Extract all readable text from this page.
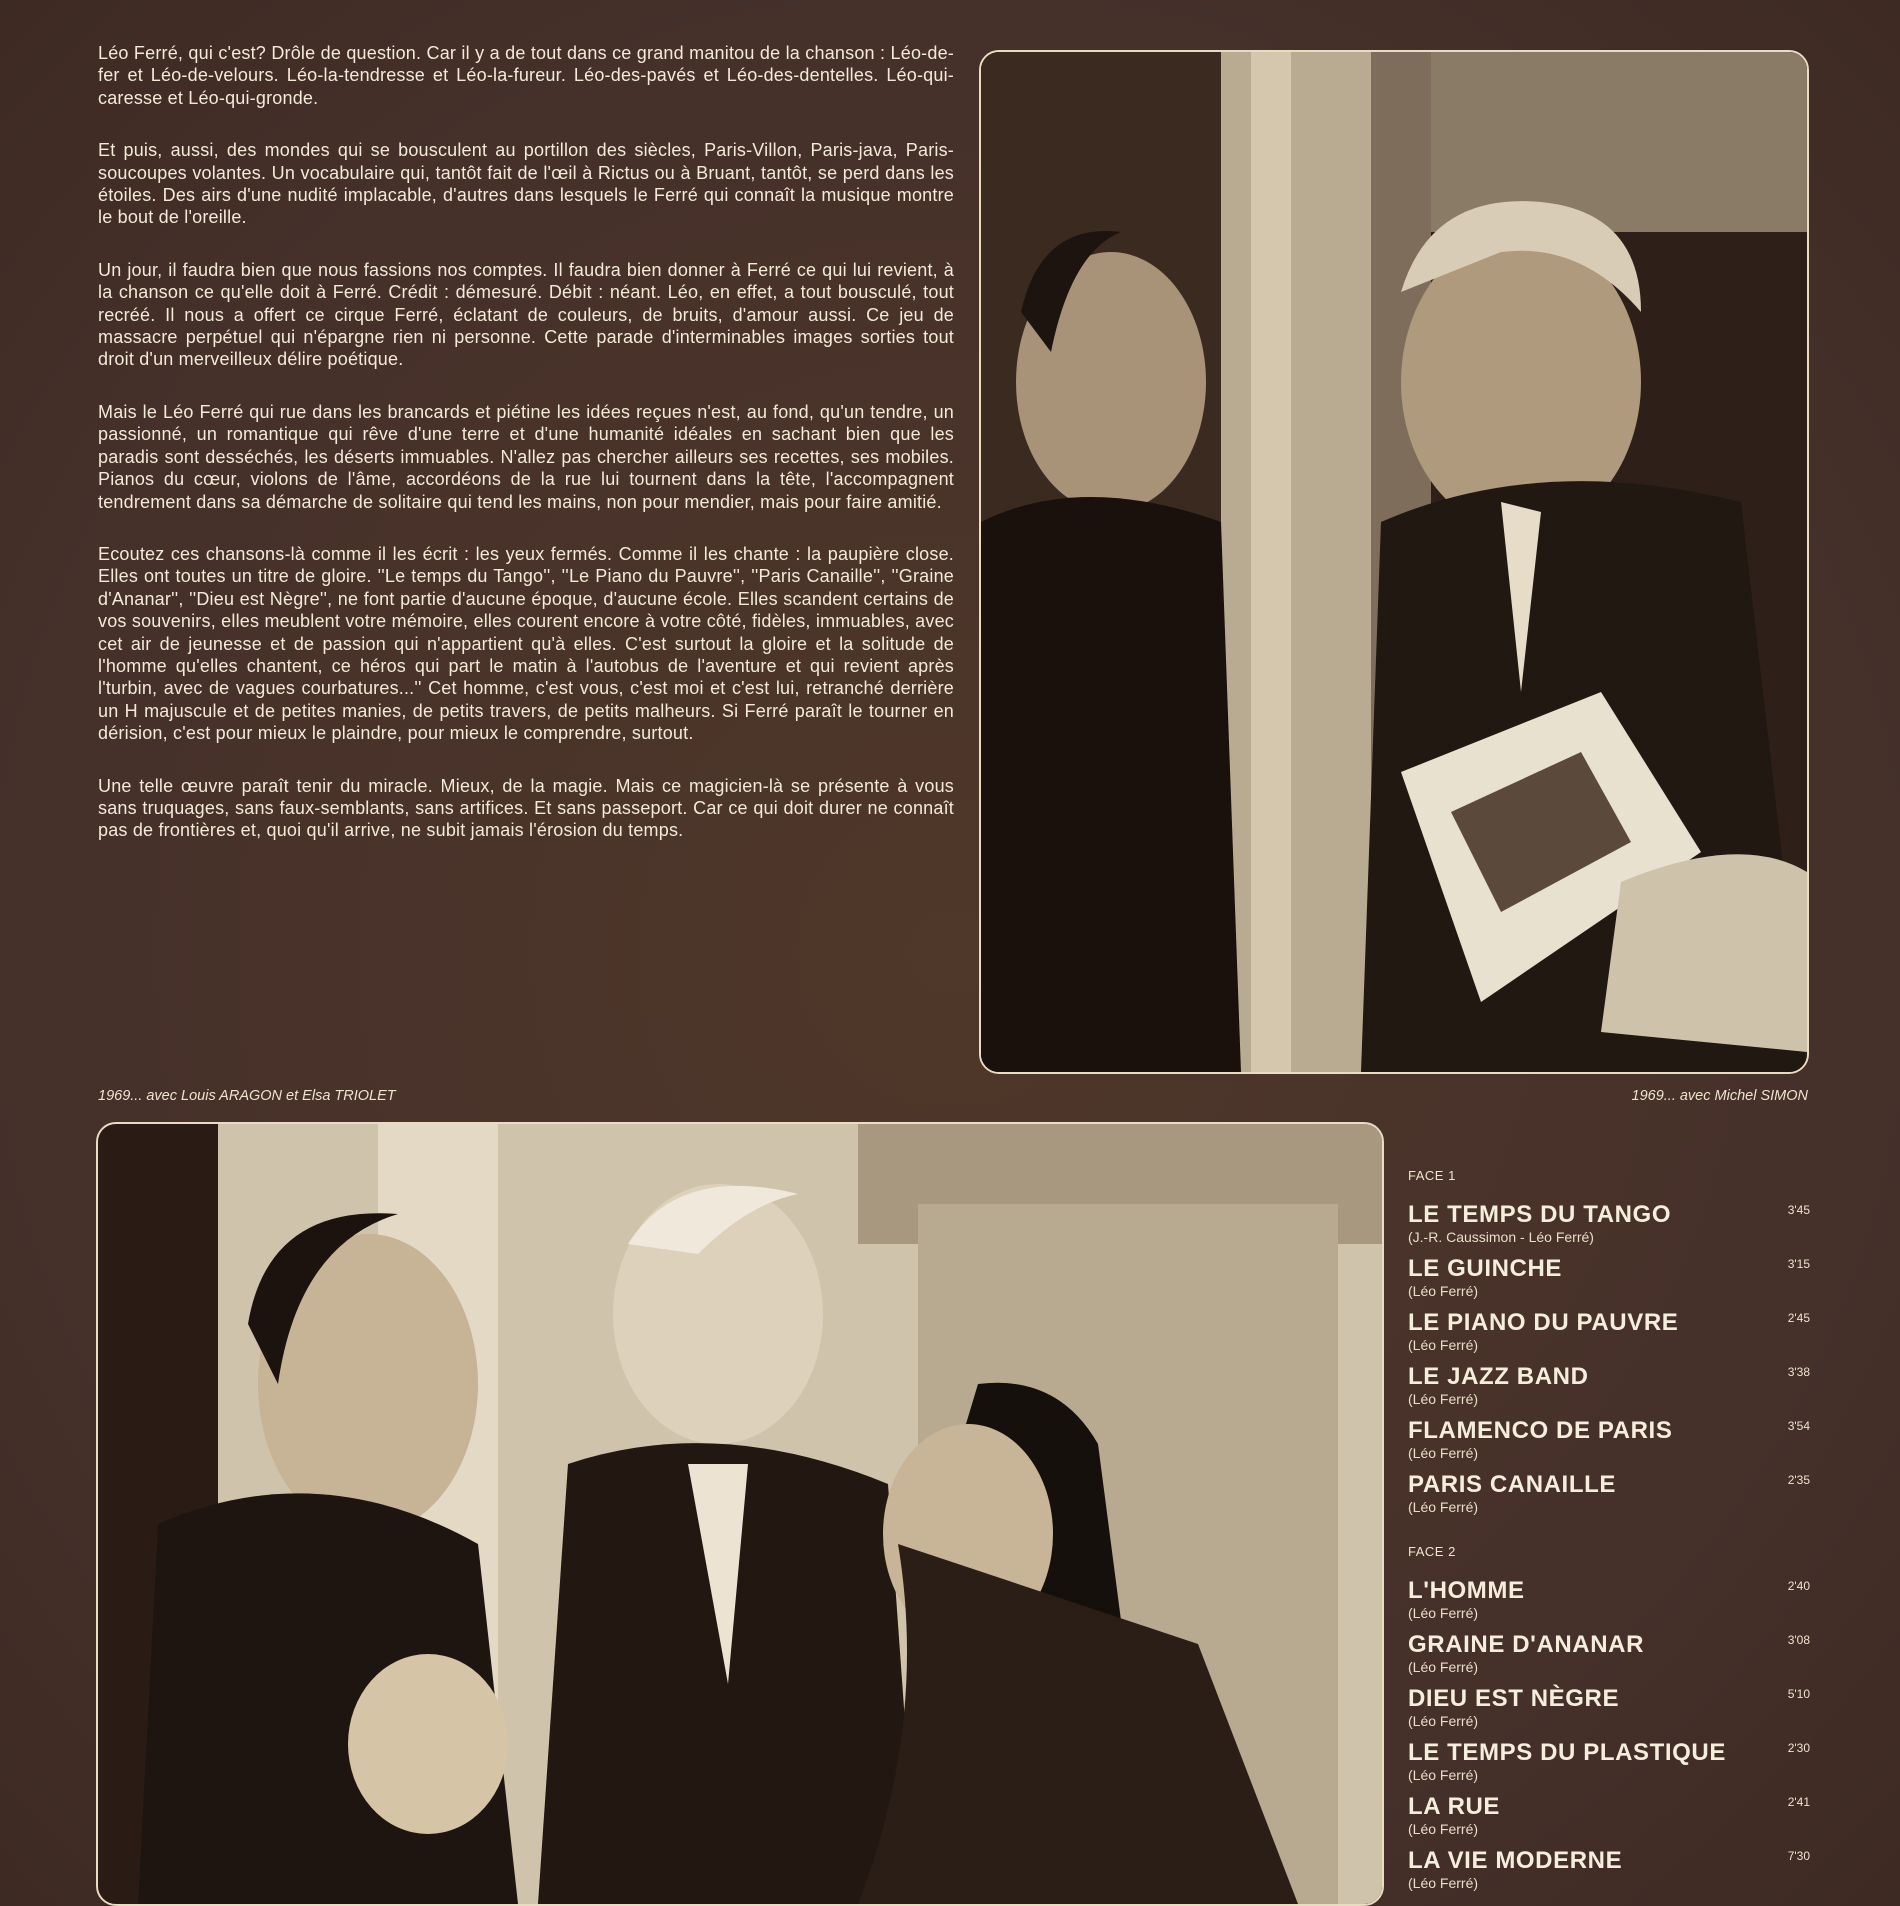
Léo Ferré, qui c'est? Drôle de question. Car il y a de tout dans ce grand manitou de la chanson : Léo-de-fer et Léo-de-velours. Léo-la-tendresse et Léo-la-fureur. Léo-des-pavés et Léo-des-dentelles. Léo-qui-caresse et Léo-qui-gronde.

Et puis, aussi, des mondes qui se bousculent au portillon des siècles, Paris-Villon, Paris-java, Paris-soucoupes volantes. Un vocabulaire qui, tantôt fait de l'œil à Rictus ou à Bruant, tantôt, se perd dans les étoiles. Des airs d'une nudité implacable, d'autres dans lesquels le Ferré qui connaît la musique montre le bout de l'oreille.

Un jour, il faudra bien que nous fassions nos comptes. Il faudra bien donner à Ferré ce qui lui revient, à la chanson ce qu'elle doit à Ferré. Crédit : démesuré. Débit : néant. Léo, en effet, a tout bousculé, tout recréé. Il nous a offert ce cirque Ferré, éclatant de couleurs, de bruits, d'amour aussi. Ce jeu de massacre perpétuel qui n'épargne rien ni personne. Cette parade d'interminables images sorties tout droit d'un merveilleux délire poétique.

Mais le Léo Ferré qui rue dans les brancards et piétine les idées reçues n'est, au fond, qu'un tendre, un passionné, un romantique qui rêve d'une terre et d'une humanité idéales en sachant bien que les paradis sont desséchés, les déserts immuables. N'allez pas chercher ailleurs ses recettes, ses mobiles. Pianos du cœur, violons de l'âme, accordéons de la rue lui tournent dans la tête, l'accompagnent tendrement dans sa démarche de solitaire qui tend les mains, non pour mendier, mais pour faire amitié.

Ecoutez ces chansons-là comme il les écrit : les yeux fermés. Comme il les chante : la paupière close. Elles ont toutes un titre de gloire. ''Le temps du Tango'', ''Le Piano du Pauvre'', ''Paris Canaille'', ''Graine d'Ananar'', ''Dieu est Nègre'', ne font partie d'aucune époque, d'aucune école. Elles scandent certains de vos souvenirs, elles meublent votre mémoire, elles courent encore à votre côté, fidèles, immuables, avec cet air de jeunesse et de passion qui n'appartient qu'à elles. C'est surtout la gloire et la solitude de l'homme qu'elles chantent, ce héros qui part le matin à l'autobus de l'aventure et qui revient après l'turbin, avec de vagues courbatures...'' Cet homme, c'est vous, c'est moi et c'est lui, retranché derrière un H majuscule et de petites manies, de petits travers, de petits malheurs. Si Ferré paraît le tourner en dérision, c'est pour mieux le plaindre, pour mieux le comprendre, surtout.

Une telle œuvre paraît tenir du miracle. Mieux, de la magie. Mais ce magicien-là se présente à vous sans truquages, sans faux-semblants, sans artifices. Et sans passeport. Car ce qui doit durer ne connaît pas de frontières et, quoi qu'il arrive, ne subit jamais l'érosion du temps.

1969... avec Louis ARAGON et Elsa TRIOLET	1969... avec Michel SIMON
FACE 1
LE TEMPS DU TANGO
(J.-R. Caussimon - Léo Ferré)
3'45
LE GUINCHE
(Léo Ferré)
3'15
LE PIANO DU PAUVRE
(Léo Ferré)
2'45
LE JAZZ BAND
(Léo Ferré)
3'38
FLAMENCO DE PARIS
(Léo Ferré)
3'54
PARIS CANAILLE
(Léo Ferré)
2'35
FACE 2
L'HOMME
(Léo Ferré)
2'40
GRAINE D'ANANAR
(Léo Ferré)
3'08
DIEU EST NÈGRE
(Léo Ferré)
5'10
LE TEMPS DU PLASTIQUE
(Léo Ferré)
2'30
LA RUE
(Léo Ferré)
2'41
LA VIE MODERNE
(Léo Ferré)
7'30
